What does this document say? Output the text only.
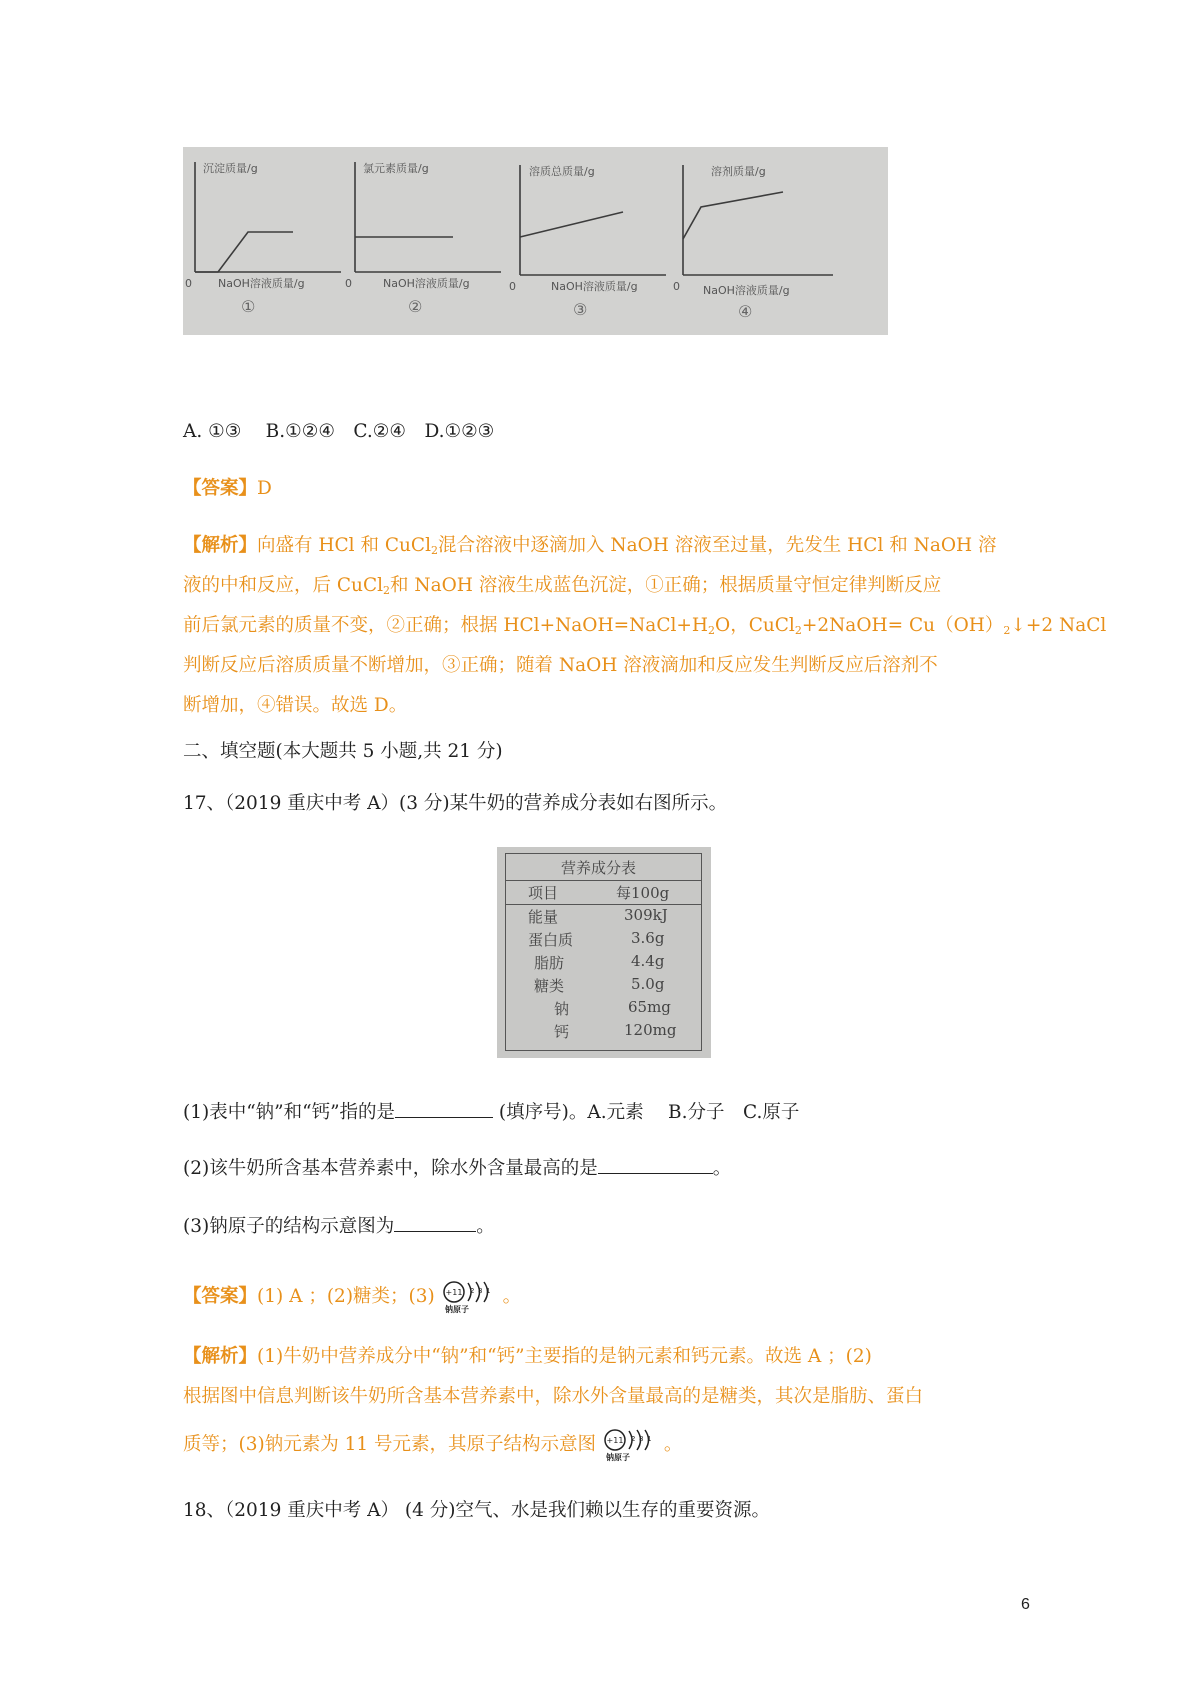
沉淀质量/g
0 NaOH溶液质量/g
①
氯元素质量/g
0	NaOH溶液质量/g
②
溶质总质量/g
0	NaOH溶液质量/g
③
溶剂质量/g
0 NaOH溶液质量/g
④
A. ①③　 B.①②④　C.②④　D.①②③
【答案】D
【解析】向盛有 HCl 和 CuCl$_2$混合溶液中逐滴加入 NaOH 溶液至过量，先发生 HCl 和 NaOH 溶
液的中和反应，后 CuCl$_2$和 NaOH 溶液生成蓝色沉淀，①正确；根据质量守恒定律判断反应
前后氯元素的质量不变，②正确；根据 $HCl+NaOH=NaCl+H_2O$，CuCl$_2$+2NaOH= $Cu(OH)_2↓+2$ NaCl
判断反应后溶质质量不断增加，③正确；随着 NaOH 溶液滴加和反应发生判断反应后溶剂不
断增加，④错误。故选 D。
二、填空题(本大题共 5 小题,共 21 分)
17、（2019 重庆中考 A）(3 分)某牛奶的营养成分表如右图所示。
营养成分表
项目	每100g
能量	309kJ
蛋白质	3.6g
脂肪	4.4g
糖类	5.0g
钠	65mg
钙	120mg
(1)表中“钠”和“钙”指的是	(填序号)。A.元素　 B.分子　C.原子
(2)该牛奶所含基本营养素中，除水外含量最高的是	。
(3)钠原子的结构示意图为	。
【答案】(1) A ；(2)糖类；(3) +11 2 8 1
钠原子
。
【解析】(1)牛奶中营养成分中“钠”和“钙”主要指的是钠元素和钙元素。故选 A ；(2)
根据图中信息判断该牛奶所含基本营养素中，除水外含量最高的是糖类，其次是脂肪、蛋白
质等；(3)钠元素为 11 号元素，其原子结构示意图 +11 2 8 1
钠原子
。
18、（2019 重庆中考 A） (4 分)空气、水是我们赖以生存的重要资源。
6
